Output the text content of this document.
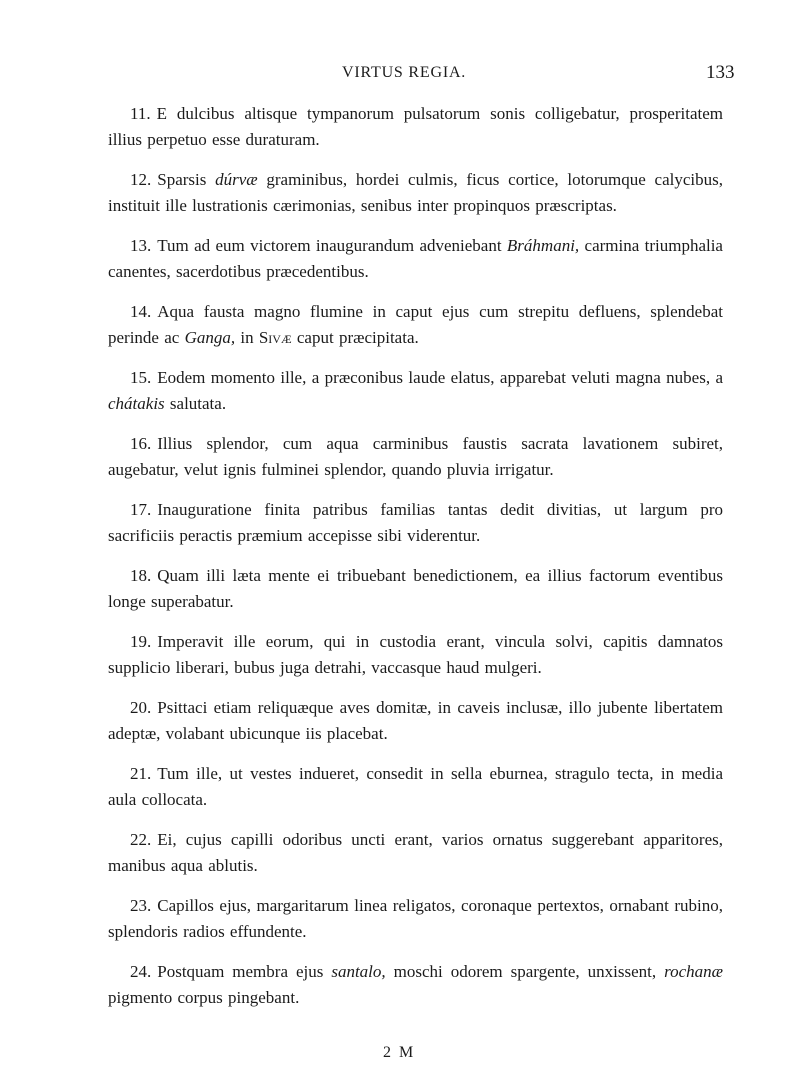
VIRTUS REGIA.	133

11. E dulcibus altisque tympanorum pulsatorum sonis colligebatur, prosperitatem illius perpetuo esse duraturam.

12. Sparsis dúrvæ graminibus, hordei culmis, ficus cortice, lotorumque calycibus, instituit ille lustrationis cærimonias, senibus inter propinquos præscriptas.

13. Tum ad eum victorem inaugurandum adveniebant Bráhmani, carmina triumphalia canentes, sacerdotibus præcedentibus.

14. Aqua fausta magno flumine in caput ejus cum strepitu defluens, splendebat perinde ac Ganga, in Sivæ caput præcipitata.

15. Eodem momento ille, a præconibus laude elatus, apparebat veluti magna nubes, a chátakis salutata.

16. Illius splendor, cum aqua carminibus faustis sacrata lavationem subiret, augebatur, velut ignis fulminei splendor, quando pluvia irrigatur.

17. Inauguratione finita patribus familias tantas dedit divitias, ut largum pro sacrificiis peractis præmium accepisse sibi viderentur.

18. Quam illi læta mente ei tribuebant benedictionem, ea illius factorum eventibus longe superabatur.

19. Imperavit ille eorum, qui in custodia erant, vincula solvi, capitis damnatos supplicio liberari, bubus juga detrahi, vaccasque haud mulgeri.

20. Psittaci etiam reliquæque aves domitæ, in caveis inclusæ, illo jubente libertatem adeptæ, volabant ubicunque iis placebat.

21. Tum ille, ut vestes indueret, consedit in sella eburnea, stragulo tecta, in media aula collocata.

22. Ei, cujus capilli odoribus uncti erant, varios ornatus suggerebant apparitores, manibus aqua ablutis.

23. Capillos ejus, margaritarum linea religatos, coronaque pertextos, ornabant rubino, splendoris radios effundente.

24. Postquam membra ejus santalo, moschi odorem spargente, unxissent, rochanæ pigmento corpus pingebant.

2 M
